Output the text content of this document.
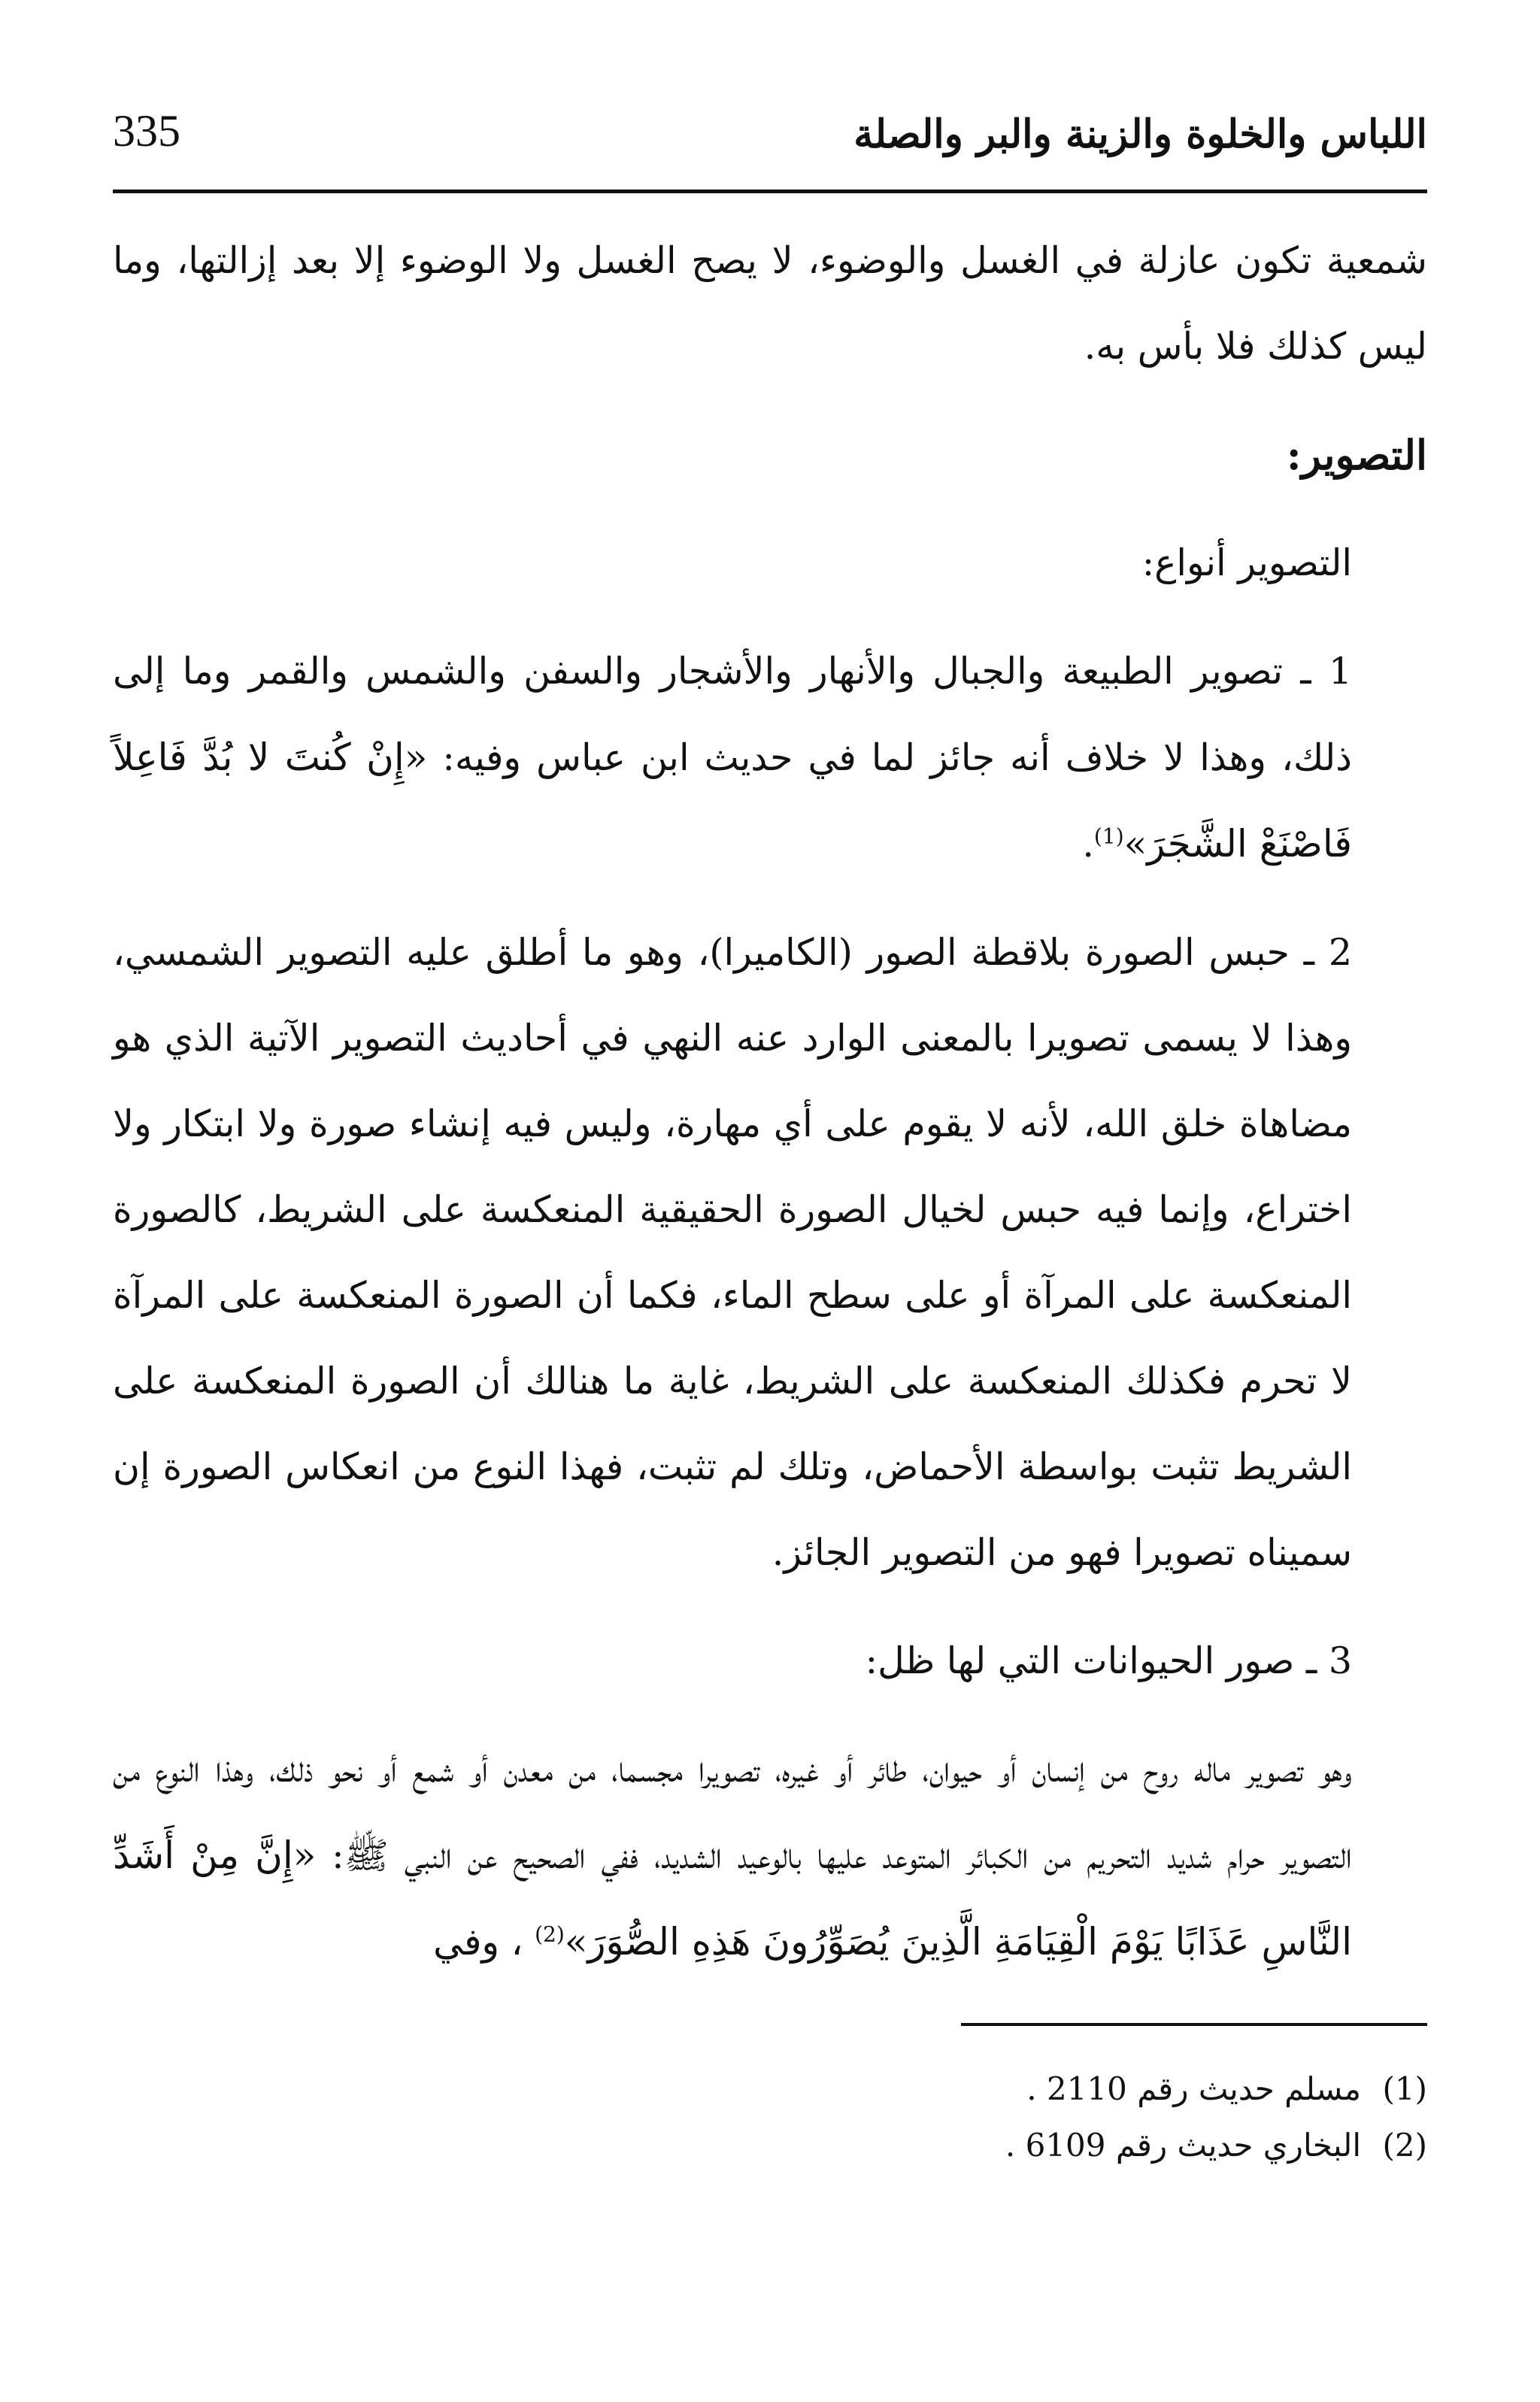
اللباس والخلوة والزينة والبر والصلة
335

شمعية تكون عازلة في الغسل والوضوء، لا يصح الغسل ولا الوضوء إلا بعد إزالتها، وما ليس كذلك فلا بأس به.

التصوير:

التصوير أنواع:

1 ـ تصوير الطبيعة والجبال والأنهار والأشجار والسفن والشمس والقمر وما إلى ذلك، وهذا لا خلاف أنه جائز لما في حديث ابن عباس وفيه: «إِنْ كُنتَ لا بُدَّ فَاعِلاً فَاصْنَعْ الشَّجَرَ»$^{(1)}$.

2 ـ حبس الصورة بلاقطة الصور (الكاميرا)، وهو ما أطلق عليه التصوير الشمسي، وهذا لا يسمى تصويرا بالمعنى الوارد عنه النهي في أحاديث التصوير الآتية الذي هو مضاهاة خلق الله، لأنه لا يقوم على أي مهارة، وليس فيه إنشاء صورة ولا ابتكار ولا اختراع، وإنما فيه حبس لخيال الصورة الحقيقية المنعكسة على الشريط، كالصورة المنعكسة على المرآة أو على سطح الماء، فكما أن الصورة المنعكسة على المرآة لا تحرم فكذلك المنعكسة على الشريط، غاية ما هنالك أن الصورة المنعكسة على الشريط تثبت بواسطة الأحماض، وتلك لم تثبت، فهذا النوع من انعكاس الصورة إن سميناه تصويرا فهو من التصوير الجائز.

3 ـ صور الحيوانات التي لها ظل:

وهو تصوير ماله روح من إنسان أو حيوان، طائر أو غيره، تصويرا مجسما، من معدن أو شمع أو نحو ذلك، وهذا النوع من التصوير حرام شديد التحريم من الكبائر المتوعد عليها بالوعيد الشديد، ففي الصحيح عن النبي ﷺ: «إِنَّ مِنْ أَشَدِّ النَّاسِ عَذَابًا يَوْمَ الْقِيَامَةِ الَّذِينَ يُصَوِّرُونَ هَذِهِ الصُّوَرَ»$^{(2)}$ ، وفي

(1)مسلم حديث رقم 2110 .
(2)البخاري حديث رقم 6109 .
